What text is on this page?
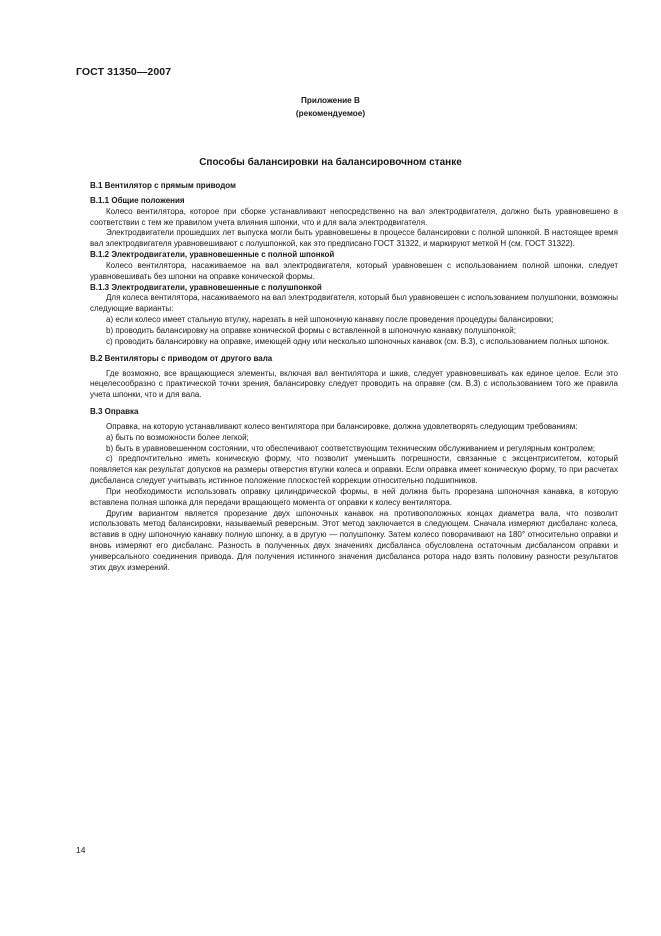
ГОСТ 31350—2007
Приложение В
(рекомендуемое)
Способы балансировки на балансировочном станке

В.1 Вентилятор с прямым приводом

В.1.1 Общие положения

Колесо вентилятора, которое при сборке устанавливают непосредственно на вал электродвигателя, должно быть уравновешено в соответствии с тем же правилом учета влияния шпонки, что и для вала электродвигателя.

Электродвигатели прошедших лет выпуска могли быть уравновешены в процессе балансировки с полной шпонкой. В настоящее время вал электродвигателя уравновешивают с полушпонкой, как это предписано ГОСТ 31322, и маркируют меткой Н (см. ГОСТ 31322).

В.1.2 Электродвигатели, уравновешенные с полной шпонкой

Колесо вентилятора, насаживаемое на вал электродвигателя, который уравновешен с использованием полной шпонки, следует уравновешивать без шпонки на оправке конической формы.

В.1.3 Электродвигатели, уравновешенные с полушпонкой

Для колеса вентилятора, насаживаемого на вал электродвигателя, который был уравновешен с использованием полушпонки, возможны следующие варианты:

а) если колесо имеет стальную втулку, нарезать в ней шпоночную канавку после проведения процедуры балансировки;

b) проводить балансировку на оправке конической формы с вставленной в шпоночную канавку полушпонкой;

с) проводить балансировку на оправке, имеющей одну или несколько шпоночных канавок (см. В.3), с использованием полных шпонок.

В.2 Вентиляторы с приводом от другого вала

Где возможно, все вращающиеся элементы, включая вал вентилятора и шкив, следует уравновешивать как единое целое. Если это нецелесообразно с практической точки зрения, балансировку следует проводить на оправке (см. В.3) с использованием того же правила учета шпонки, что и для вала.

В.3 Оправка

Оправка, на которую устанавливают колесо вентилятора при балансировке, должна удовлетворять следующим требованиям:

а) быть по возможности более легкой;

b) быть в уравновешенном состоянии, что обеспечивают соответствующим техническим обслуживанием и регулярным контролем;

с) предпочтительно иметь коническую форму, что позволит уменьшить погрешности, связанные с эксцентриситетом, который появляется как результат допусков на размеры отверстия втулки колеса и оправки. Если оправка имеет коническую форму, то при расчетах дисбаланса следует учитывать истинное положение плоскостей коррекции относительно подшипников.

При необходимости использовать оправку цилиндрической формы, в ней должна быть прорезана шпоночная канавка, в которую вставлена полная шпонка для передачи вращающего момента от оправки к колесу вентилятора.

Другим вариантом является прорезание двух шпоночных канавок на противоположных концах диаметра вала, что позволит использовать метод балансировки, называемый реверсным. Этот метод заключается в следующем. Сначала измеряют дисбаланс колеса, вставив в одну шпоночную канавку полную шпонку, а в другую — полушпонку. Затем колесо поворачивают на 180° относительно оправки и вновь измеряют его дисбаланс. Разность в полученных двух значениях дисбаланса обусловлена остаточным дисбалансом оправки и универсального соединения привода. Для получения истинного значения дисбаланса ротора надо взять половину разности результатов этих двух измерений.

14
